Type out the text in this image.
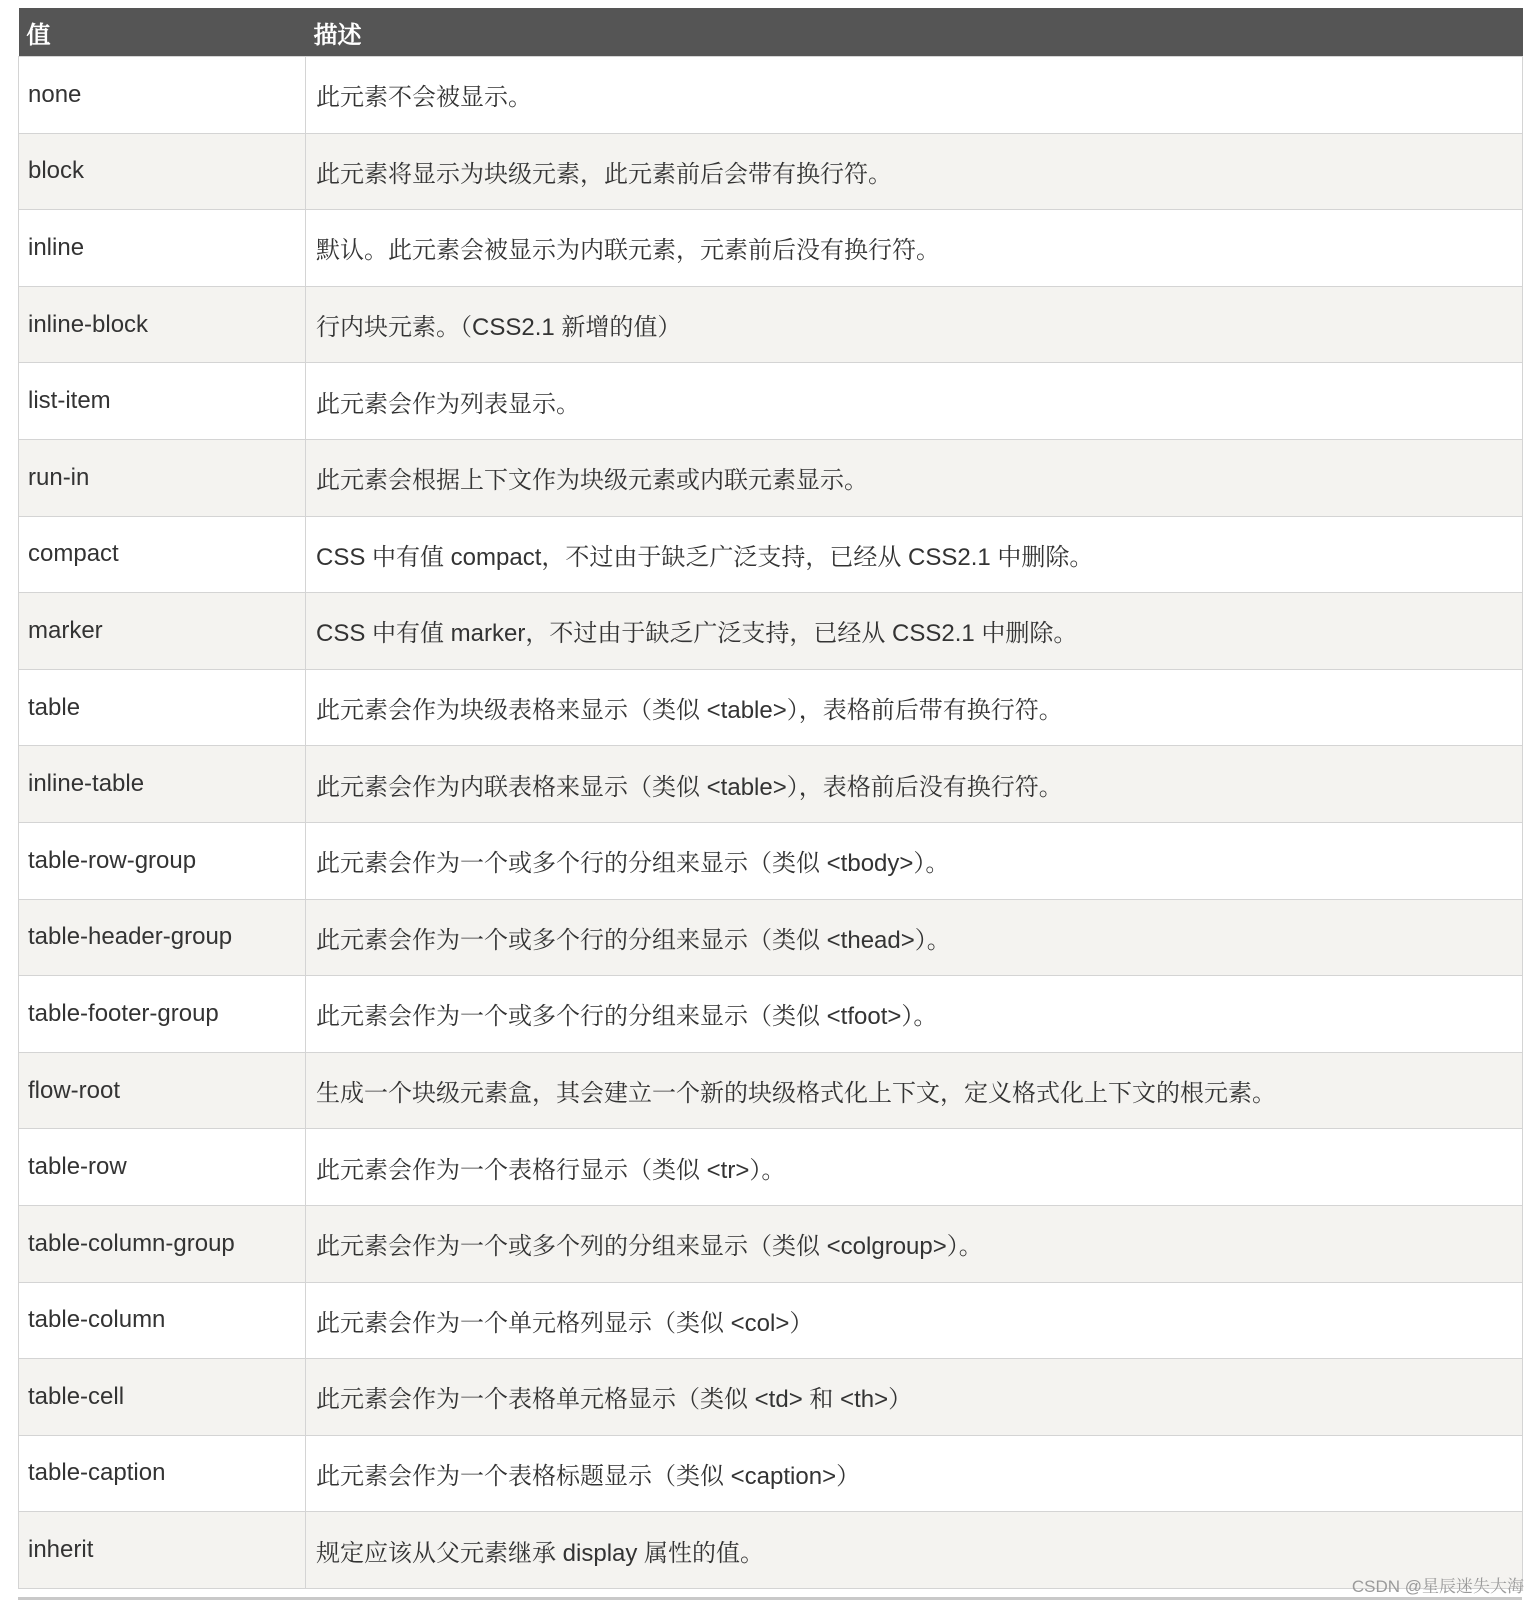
值	描述
none	此元素不会被显示。
block	此元素将显示为块级元素，此元素前后会带有换行符。
inline	默认。此元素会被显示为内联元素，元素前后没有换行符。
inline-block	行内块元素。（CSS2.1 新增的值）
list-item	此元素会作为列表显示。
run-in	此元素会根据上下文作为块级元素或内联元素显示。
compact	CSS 中有值 compact，不过由于缺乏广泛支持，已经从 CSS2.1 中删除。
marker	CSS 中有值 marker，不过由于缺乏广泛支持，已经从 CSS2.1 中删除。
table	此元素会作为块级表格来显示（类似 <table>），表格前后带有换行符。
inline-table	此元素会作为内联表格来显示（类似 <table>），表格前后没有换行符。
table-row-group	此元素会作为一个或多个行的分组来显示（类似 <tbody>）。
table-header-group	此元素会作为一个或多个行的分组来显示（类似 <thead>）。
table-footer-group	此元素会作为一个或多个行的分组来显示（类似 <tfoot>）。
flow-root	生成一个块级元素盒，其会建立一个新的块级格式化上下文，定义格式化上下文的根元素。
table-row	此元素会作为一个表格行显示（类似 <tr>）。
table-column-group	此元素会作为一个或多个列的分组来显示（类似 <colgroup>）。
table-column	此元素会作为一个单元格列显示（类似 <col>）
table-cell	此元素会作为一个表格单元格显示（类似 <td> 和 <th>）
table-caption	此元素会作为一个表格标题显示（类似 <caption>）
inherit	规定应该从父元素继承 display 属性的值。
CSDN @星辰迷失大海
